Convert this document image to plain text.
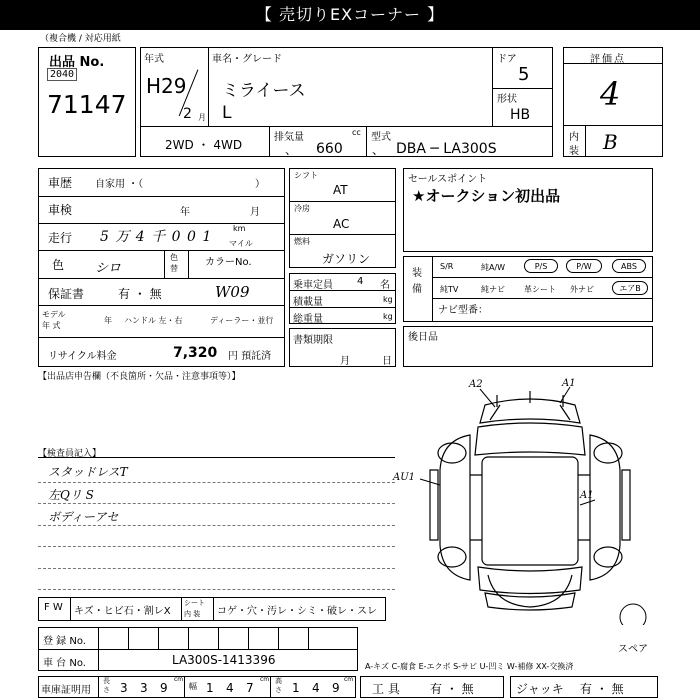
【 売切りEXコーナー 】
（複合機 / 対応用紙
出品 No.
2040
71147
年式
H29
2 月
車名・グレード
ミライース
L
ドア
5
形状
HB
2WD ・ 4WD
排気量	cc
、 660
型式
、 DBA ─ LA300S
評価点
4
内
装 B
車歴 自家用 ・（	）
車検	年	月
走行 5 万 4 千 0 0 1
km
マイル
色 シロ
色替
カラーNo.
保証書	有 ・ 無	W09
モデル
年 式
年 ハンドル 左・右	ディーラー・並行
リサイクル料金	7,320 円 預託済
【出品店申告欄（不良箇所・欠品・注意事項等）】
シフト
AT
冷房
AC
燃料
ガソリン
乗車定員 4 名
積載量	kg
総重量	kg
書類期限
月	日
セールスポイント
★オークション初出品
装備
ナビ型番：
S/R	純A/W	P/S	P/W	ABS
純TV	純ナビ 革シート 外ナビ	エアB
後日品
【検査員記入】
スタッドレスT
左Qリ S
ボディーアセ
A2	A1
AU1
A1
スペア
F W キズ・ヒビ石・割レX
シート
内 装 コゲ・穴・汚レ・シミ・破レ・スレ
登 録 No.
車 台 No.	LA300S-1413396	A-キズ C-腐食 E-エクボ S-サビ U-凹ミ W-補修 XX-交換済
車庫証明用
長さ 3 3 9
cm
幅 1 4 7
cm 高さ 1 4 9
cm
工 具	有 ・ 無	ジャッキ 有 ・ 無
